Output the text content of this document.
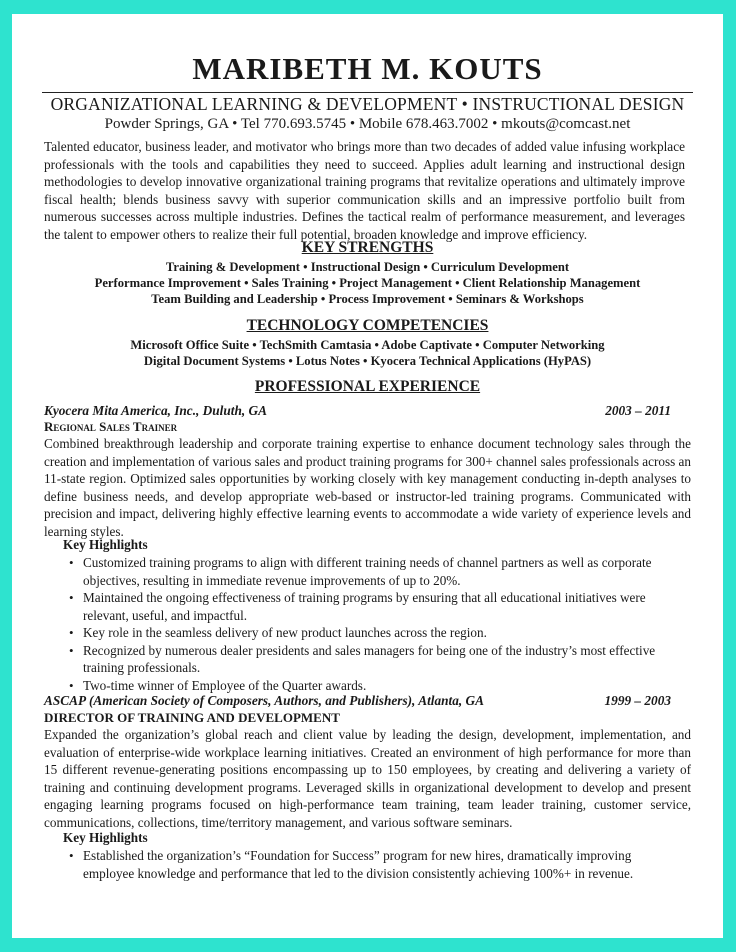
MARIBETH M. KOUTS
ORGANIZATIONAL LEARNING & DEVELOPMENT • INSTRUCTIONAL DESIGN
Powder Springs, GA • Tel 770.693.5745 • Mobile 678.463.7002 • mkouts@comcast.net
Talented educator, business leader, and motivator who brings more than two decades of added value infusing workplace professionals with the tools and capabilities they need to succeed. Applies adult learning and instructional design methodologies to develop innovative organizational training programs that revitalize operations and ultimately improve fiscal health; blends business savvy with superior communication skills and an impressive portfolio built from numerous successes across multiple industries. Defines the tactical realm of performance measurement, and leverages the talent to empower others to realize their full potential, broaden knowledge and improve efficiency.
KEY STRENGTHS
Training & Development • Instructional Design • Curriculum Development
Performance Improvement • Sales Training • Project Management • Client Relationship Management
Team Building and Leadership • Process Improvement • Seminars & Workshops
TECHNOLOGY COMPETENCIES
Microsoft Office Suite • TechSmith Camtasia • Adobe Captivate • Computer Networking
Digital Document Systems • Lotus Notes • Kyocera Technical Applications (HyPAS)
PROFESSIONAL EXPERIENCE
Kyocera Mita America, Inc., Duluth, GA	2003 – 2011
Regional Sales Trainer
Combined breakthrough leadership and corporate training expertise to enhance document technology sales through the creation and implementation of various sales and product training programs for 300+ channel sales professionals across an 11-state region. Optimized sales opportunities by working closely with key management conducting in-depth analyses to define business needs, and develop appropriate web-based or instructor-led training programs. Communicated with precision and impact, delivering highly effective learning events to accommodate a wide variety of experience levels and learning styles.
Key Highlights
• Customized training programs to align with different training needs of channel partners as well as corporate objectives, resulting in immediate revenue improvements of up to 20%.
• Maintained the ongoing effectiveness of training programs by ensuring that all educational initiatives were relevant, useful, and impactful.
• Key role in the seamless delivery of new product launches across the region.
• Recognized by numerous dealer presidents and sales managers for being one of the industry’s most effective training professionals.
• Two-time winner of Employee of the Quarter awards.
ASCAP (American Society of Composers, Authors, and Publishers), Atlanta, GA	1999 – 2003
DIRECTOR OF TRAINING AND DEVELOPMENT
Expanded the organization’s global reach and client value by leading the design, development, implementation, and evaluation of enterprise-wide workplace learning initiatives. Created an environment of high performance for more than 15 different revenue-generating positions encompassing up to 150 employees, by creating and delivering a variety of training and continuing development programs. Leveraged skills in organizational development to develop and present engaging learning programs focused on high-performance team training, team leader training, customer service, communications, collections, time/territory management, and various software seminars.
Key Highlights
• Established the organization’s “Foundation for Success” program for new hires, dramatically improving employee knowledge and performance that led to the division consistently achieving 100%+ in revenue.
